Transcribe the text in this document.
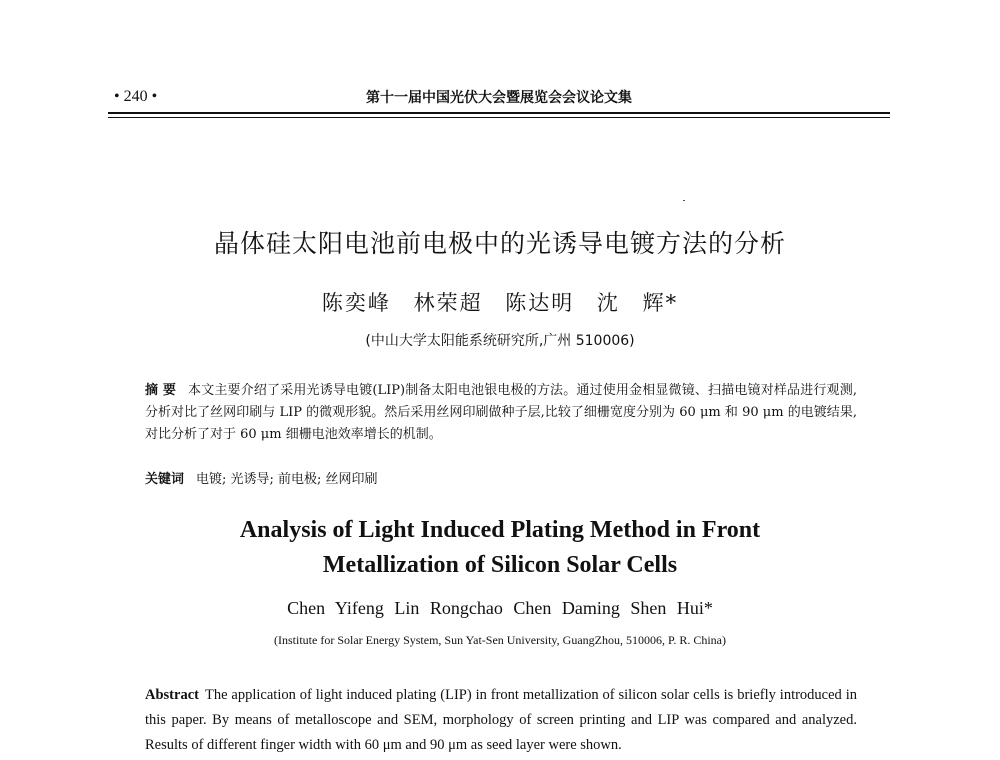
• 240 •	第十一届中国光伏大会暨展览会会议论文集
晶体硅太阳电池前电极中的光诱导电镀方法的分析
陈奕峰 林荣超 陈达明 沈 辉*
(中山大学太阳能系统研究所,广州 510006)
摘 要 本文主要介绍了采用光诱导电镀(LIP)制备太阳电池银电极的方法。通过使用金相显微镜、扫描电镜对样品进行观测,分析对比了丝网印刷与 LIP 的微观形貌。然后采用丝网印刷做种子层,比较了细栅宽度分别为 60 μm 和 90 μm 的电镀结果,对比分析了对于 60 μm 细栅电池效率增长的机制。
关键词 电镀; 光诱导; 前电极; 丝网印刷
Analysis of Light Induced Plating Method in Front
Metallization of Silicon Solar Cells
Chen Yifeng Lin Rongchao Chen Daming Shen Hui*
(Institute for Solar Energy System, Sun Yat-Sen University, GuangZhou, 510006, P. R. China)
Abstract The application of light induced plating (LIP) in front metallization of silicon solar cells is briefly introduced in this paper. By means of metalloscope and SEM, morphology of screen printing and LIP was compared and analyzed. Results of different finger width with 60 μm and 90 μm as seed layer were shown.
